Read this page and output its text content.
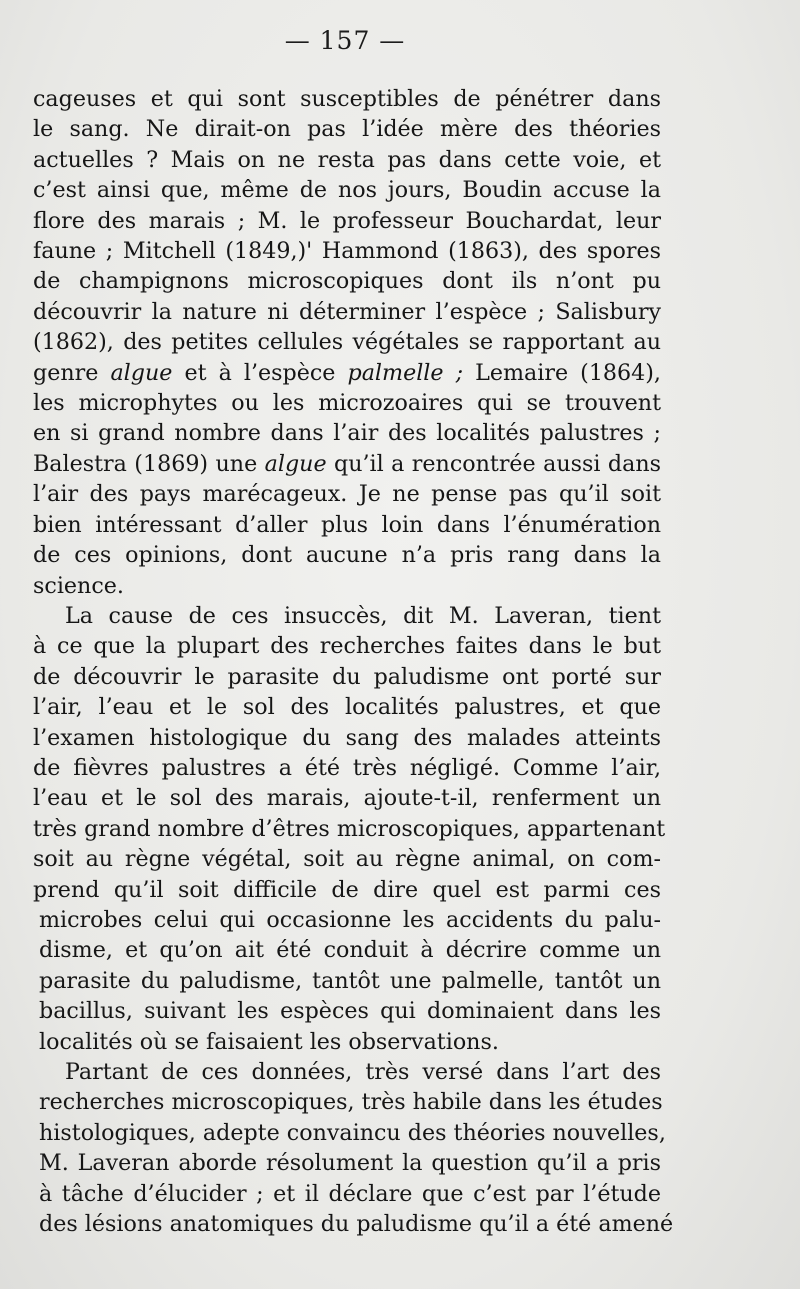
— 157 —
cageuses et qui sont susceptibles de pénétrer dans
le sang. Ne dirait-on pas l’idée mère des théories
actuelles ? Mais on ne resta pas dans cette voie, et
c’est ainsi que, même de nos jours, Boudin accuse la
flore des marais ; M. le professeur Bouchardat, leur
faune ; Mitchell (1849,)' Hammond (1863), des spores
de champignons microscopiques dont ils n’ont pu
découvrir la nature ni déterminer l’espèce ; Salisbury
(1862), des petites cellules végétales se rapportant au
genre algue et à l’espèce palmelle ; Lemaire (1864),
les microphytes ou les microzoaires qui se trouvent
en si grand nombre dans l’air des localités palustres ;
Balestra (1869) une algue qu’il a rencontrée aussi dans
l’air des pays marécageux. Je ne pense pas qu’il soit
bien intéressant d’aller plus loin dans l’énumération
de ces opinions, dont aucune n’a pris rang dans la
science.
La cause de ces insuccès, dit M. Laveran, tient
à ce que la plupart des recherches faites dans le but
de découvrir le parasite du paludisme ont porté sur
l’air, l’eau et le sol des localités palustres, et que
l’examen histologique du sang des malades atteints
de fièvres palustres a été très négligé. Comme l’air,
l’eau et le sol des marais, ajoute-t-il, renferment un
très grand nombre d’êtres microscopiques, appartenant
soit au règne végétal, soit au règne animal, on com-
prend qu’il soit difficile de dire quel est parmi ces
microbes celui qui occasionne les accidents du palu-
disme, et qu’on ait été conduit à décrire comme un
parasite du paludisme, tantôt une palmelle, tantôt un
bacillus, suivant les espèces qui dominaient dans les
localités où se faisaient les observations.
Partant de ces données, très versé dans l’art des
recherches microscopiques, très habile dans les études
histologiques, adepte convaincu des théories nouvelles,
M. Laveran aborde résolument la question qu’il a pris
à tâche d’élucider ; et il déclare que c’est par l’étude
des lésions anatomiques du paludisme qu’il a été amené
